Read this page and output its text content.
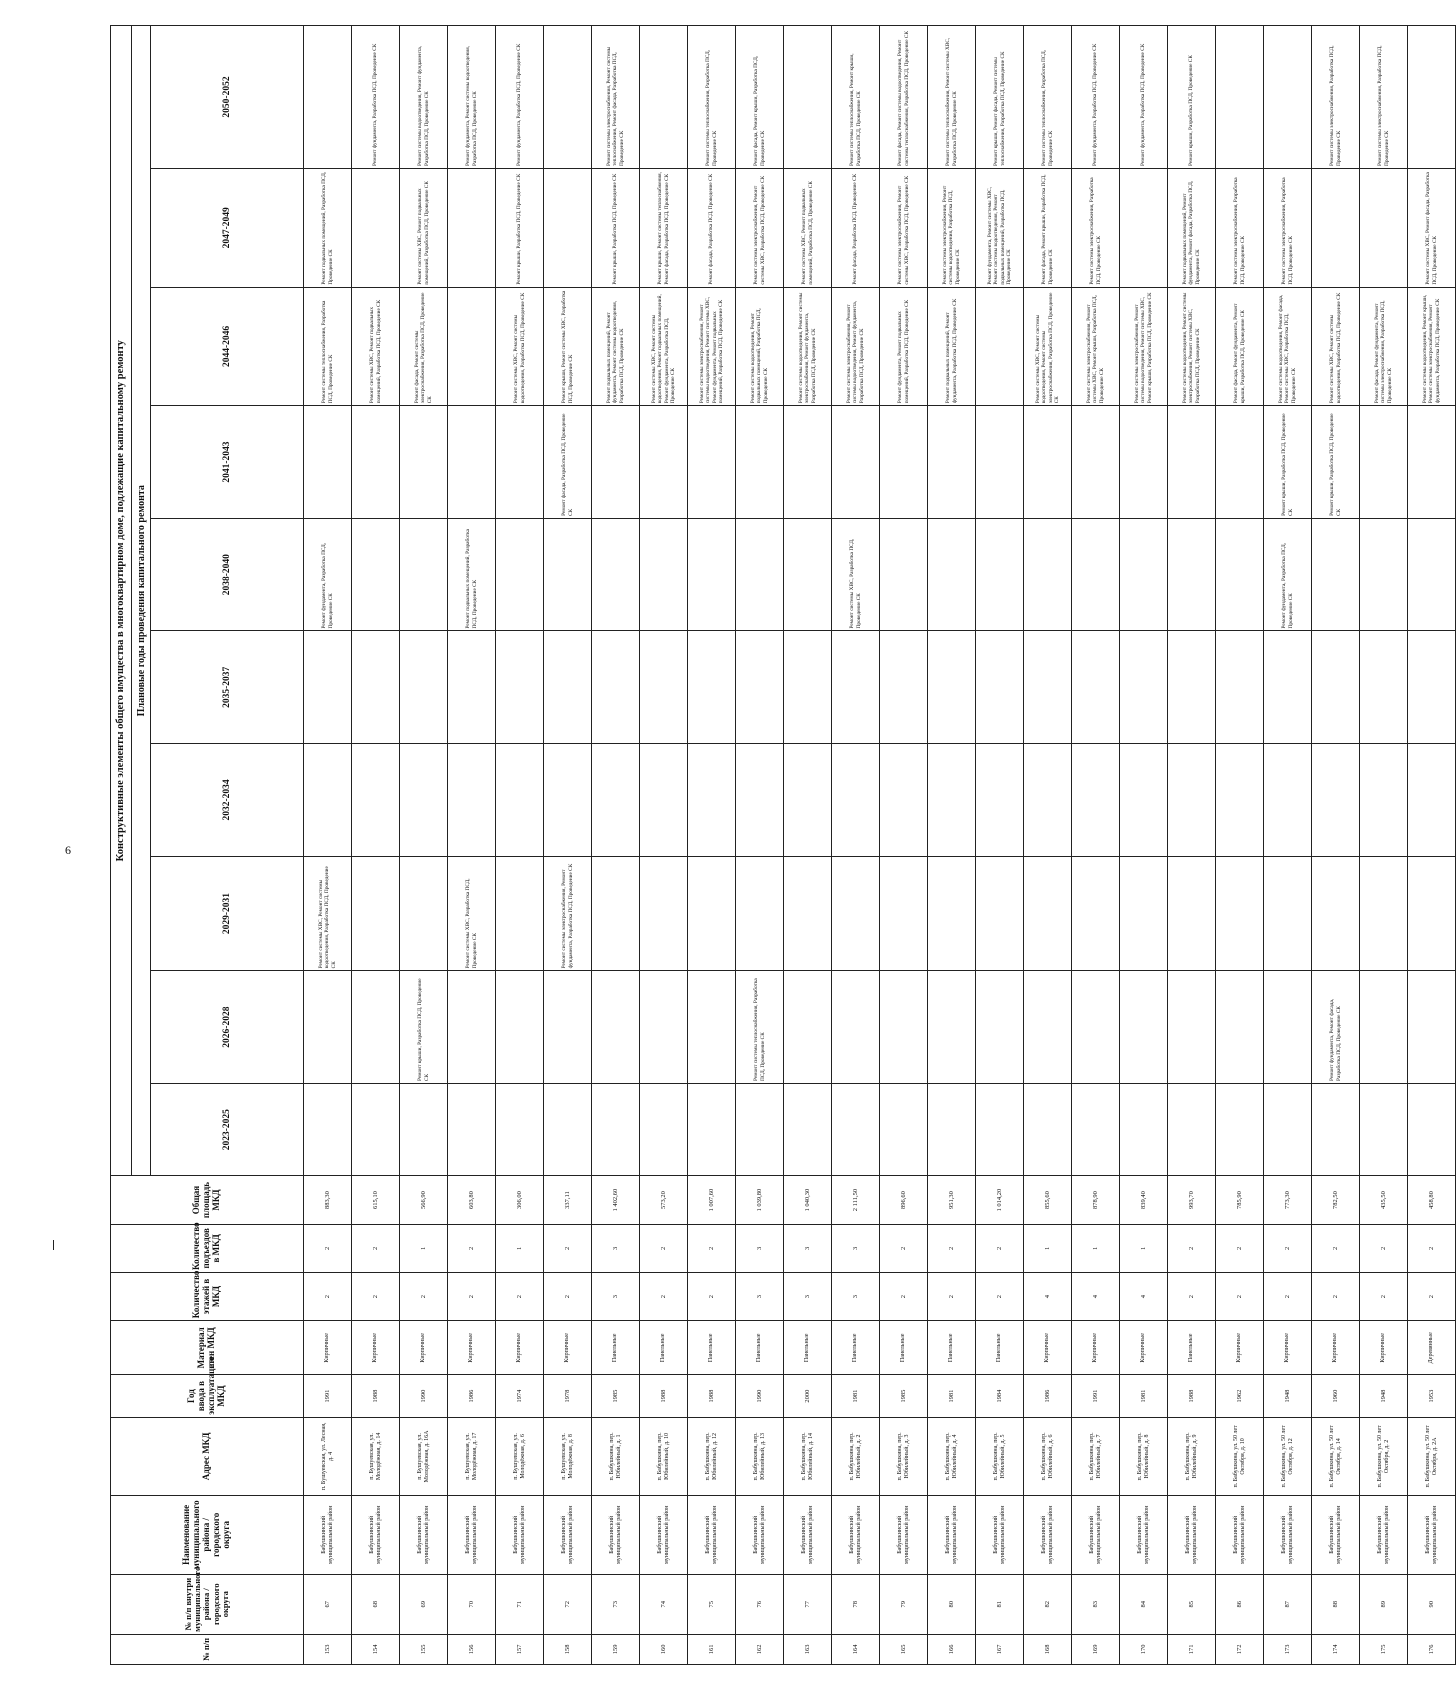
6
№ п/п	№ п/п внутри муниципального района / городского округа	Наименование муниципального района / городского округа	Адрес МКД	Год ввода в эксплуатацию МКД	Материал стен МКД	Количество этажей в МКД	Количество подъездов в МКД	Общая площадь МКД	Конструктивные элементы общего имущества в многоквартирном доме, подлежащие капитальному ремонту									
									Плановые годы проведения капитального ремонта									
									2023-2025	2026-2028	2029-2031	2032-2034	2035-2037	2038-2040	2041-2043	2044-2046	2047-2049	2050-2052
153	67	Бабушкинский муниципальный район	п. Бушуевская, ул. Лесная, д. 4	1991	Кирпичные	2	2	883,30			Ремонт системы ХВС, Ремонт системы водоотведения, Разработка ПСД, Проведение СК			Ремонт фундамента, Разработка ПСД, Проведение СК		Ремонт системы теплоснабжения, Разработка ПСД, Проведение СК	Ремонт подвальных помещений, Разработка ПСД, Проведение СК	
154	68	Бабушкинский муниципальный район	п. Бушуевская, ул. Молодёжная, д. 14	1988	Кирпичные	2	2	615,10								Ремонт системы ХВС, Ремонт подвальных помещений, Разработка ПСД, Проведение СК		Ремонт фундамента, Разработка ПСД, Проведение СК
155	69	Бабушкинский муниципальный район	п. Бушуевская, ул. Молодёжная, д. 16А	1990	Кирпичные	2	1	566,90		Ремонт крыши, Разработка ПСД, Проведение СК						Ремонт фасада, Ремонт системы электроснабжения, Разработка ПСД, Проведение СК	Ремонт системы ХВС, Ремонт подвальных помещений, Разработка ПСД, Проведение СК	Ремонт системы водоотведения, Ремонт фундамента, Разработка ПСД, Проведение СК
156	70	Бабушкинский муниципальный район	п. Бушуевская, ул. Молодёжная, д. 17	1986	Кирпичные	2	2	603,80			Ремонт системы ХВС, Разработка ПСД, Проведение СК			Ремонт подвальных помещений, Разработка ПСД, Проведение СК				Ремонт фундамента, Ремонт системы водоотведения, Разработка ПСД, Проведение СК
157	71	Бабушкинский муниципальный район	п. Бушуевская, ул. Молодёжная, д. 6	1974	Кирпичные	2	1	306,00								Ремонт системы ХВС, Ремонт системы водоотведения, Разработка ПСД, Проведение СК	Ремонт крыши, Разработка ПСД, Проведение СК	Ремонт фундамента, Разработка ПСД, Проведение СК
158	72	Бабушкинский муниципальный район	п. Бушуевская, ул. Молодёжная, д. 8	1978	Кирпичные	2	2	337,11			Ремонт системы электроснабжения, Ремонт фундамента, Разработка ПСД, Проведение СК				Ремонт фасада, Разработка ПСД, Проведение СК	Ремонт крыши, Ремонт системы ХВС, Разработка ПСД, Проведение СК		
159	73	Бабушкинский муниципальный район	п. Бабушкина, пер. Юбилейный, д. 1	1985	Панельные	3	3	1 402,60								Ремонт подвальных помещений, Ремонт фундамента, Ремонт системы водоотведения, Разработка ПСД, Проведение СК	Ремонт крыши, Разработка ПСД, Проведение СК	Ремонт системы электроснабжения, Ремонт системы теплоснабжения, Ремонт фасада, Разработка ПСД, Проведение СК
160	74	Бабушкинский муниципальный район	п. Бабушкина, пер. Юбилейный, д. 10	1988	Панельные	2	2	573,20								Ремонт системы ХВС, Ремонт системы водоотведения, Ремонт подвальных помещений, Ремонт фундамента, Разработка ПСД, Проведение СК	Ремонт крыши, Ремонт системы теплоснабжения, Ремонт фасада, Разработка ПСД, Проведение СК	
161	75	Бабушкинский муниципальный район	п. Бабушкина, пер. Юбилейный, д. 12	1988	Панельные	2	2	1 007,60								Ремонт системы электроснабжения, Ремонт системы водоотведения, Ремонт системы ХВС, Ремонт фундамента, Ремонт подвальных помещений, Разработка ПСД, Проведение СК	Ремонт фасада, Разработка ПСД, Проведение СК	Ремонт системы теплоснабжения, Разработка ПСД, Проведение СК
162	76	Бабушкинский муниципальный район	п. Бабушкина, пер. Юбилейный, д. 13	1990	Панельные	3	3	1 039,80		Ремонт системы теплоснабжения, Разработка ПСД, Проведение СК						Ремонт системы водоотведения, Ремонт подвальных помещений, Разработка ПСД, Проведение СК	Ремонт системы электроснабжения, Ремонт системы ХВС, Разработка ПСД, Проведение СК	Ремонт фасада, Ремонт крыши, Разработка ПСД, Проведение СК
163	77	Бабушкинский муниципальный район	п. Бабушкина, пер. Юбилейный, д. 14	2000	Панельные	3	3	1 040,30								Ремонт системы водоотведения, Ремонт системы электроснабжения, Ремонт фундамента, Разработка ПСД, Проведение СК	Ремонт системы ХВС, Ремонт подвальных помещений, Разработка ПСД, Проведение СК	
164	78	Бабушкинский муниципальный район	п. Бабушкина, пер. Юбилейный, д. 2	1981	Панельные	3	3	2 111,50						Ремонт системы ХВС, Разработка ПСД, Проведение СК		Ремонт системы электроснабжения, Ремонт системы водоотведения, Ремонт фундамента, Разработка ПСД, Проведение СК	Ремонт фасада, Разработка ПСД, Проведение СК	Ремонт системы теплоснабжения, Ремонт крыши, Разработка ПСД, Проведение СК
165	79	Бабушкинский муниципальный район	п. Бабушкина, пер. Юбилейный, д. 3	1985	Панельные	2	2	896,60								Ремонт фундамента, Ремонт подвальных помещений, Разработка ПСД, Проведение СК	Ремонт системы электроснабжения, Ремонт системы ХВС, Разработка ПСД, Проведение СК	Ремонт фасада, Ремонт системы водоотведения, Ремонт системы теплоснабжения, Разработка ПСД, Проведение СК
166	80	Бабушкинский муниципальный район	п. Бабушкина, пер. Юбилейный, д. 4	1981	Панельные	2	2	951,30								Ремонт подвальных помещений, Ремонт фундамента, Разработка ПСД, Проведение СК	Ремонт системы электроснабжения, Ремонт системы водоотведения, Разработка ПСД, Проведение СК	Ремонт системы теплоснабжения, Ремонт системы ХВС, Разработка ПСД, Проведение СК
167	81	Бабушкинский муниципальный район	п. Бабушкина, пер. Юбилейный, д. 5	1984	Панельные	2	2	1 014,20									Ремонт фундамента, Ремонт системы ХВС, Ремонт системы водоотведения, Ремонт подвальных помещений, Разработка ПСД, Проведение СК	Ремонт крыши, Ремонт фасада, Ремонт системы теплоснабжения, Разработка ПСД, Проведение СК
168	82	Бабушкинский муниципальный район	п. Бабушкина, пер. Юбилейный, д. 6	1986	Кирпичные	4	1	855,60								Ремонт системы ХВС, Ремонт системы водоотведения, Ремонт системы электроснабжения, Разработка ПСД, Проведение СК	Ремонт фасада, Ремонт крыши, Разработка ПСД, Проведение СК	Ремонт системы теплоснабжения, Разработка ПСД, Проведение СК
169	83	Бабушкинский муниципальный район	п. Бабушкина, пер. Юбилейный, д. 7	1991	Кирпичные	4	1	878,90								Ремонт системы электроснабжения, Ремонт системы ХВС, Ремонт крыши, Разработка ПСД, Проведение СК	Ремонт системы электроснабжения, Разработка ПСД, Проведение СК	Ремонт фундамента, Разработка ПСД, Проведение СК
170	84	Бабушкинский муниципальный район	п. Бабушкина, пер. Юбилейный, д. 8	1981	Кирпичные	4	1	839,40								Ремонт системы электроснабжения, Ремонт системы водоотведения, Ремонт системы ХВС, Ремонт крыши, Разработка ПСД, Проведение СК		Ремонт фундамента, Разработка ПСД, Проведение СК
171	85	Бабушкинский муниципальный район	п. Бабушкина, пер. Юбилейный, д. 9	1988	Панельные	2	2	993,70								Ремонт системы водоотведения, Ремонт системы электроснабжения, Ремонт системы ХВС, Разработка ПСД, Проведение СК	Ремонт подвальных помещений, Ремонт фундамента, Ремонт фасада, Разработка ПСД, Проведение СК	Ремонт крыши, Разработка ПСД, Проведение СК
172	86	Бабушкинский муниципальный район	п. Бабушкина, ул. 50 лет Октября, д. 10	1962	Кирпичные	2	2	785,90								Ремонт фасада, Ремонт фундамента, Ремонт крыши, Разработка ПСД, Проведение СК	Ремонт системы электроснабжения, Разработка ПСД, Проведение СК	
173	87	Бабушкинский муниципальный район	п. Бабушкина, ул. 50 лет Октября, д. 12	1948	Кирпичные	2	2	773,30						Ремонт фундамента, Разработка ПСД, Проведение СК	Ремонт крыши, Разработка ПСД, Проведение СК	Ремонт системы водоотведения, Ремонт фасада, Ремонт системы ХВС, Разработка ПСД, Проведение СК	Ремонт системы электроснабжения, Разработка ПСД, Проведение СК	
174	88	Бабушкинский муниципальный район	п. Бабушкина, ул. 50 лет Октября, д. 14	1960	Кирпичные	2	2	782,50		Ремонт фундамента, Ремонт фасада, Разработка ПСД, Проведение СК					Ремонт крыши, Разработка ПСД, Проведение СК	Ремонт системы ХВС, Ремонт системы водоотведения, Разработка ПСД, Проведение СК		Ремонт системы электроснабжения, Разработка ПСД, Проведение СК
175	89	Бабушкинский муниципальный район	п. Бабушкина, ул. 50 лет Октября, д. 2	1948	Кирпичные	2	2	435,50								Ремонт фасада, Ремонт фундамента, Ремонт системы электроснабжения, Разработка ПСД, Проведение СК		Ремонт системы электроснабжения, Разработка ПСД, Проведение СК
176	90	Бабушкинский муниципальный район	п. Бабушкина, ул. 50 лет Октября, д. 2А	1953	Деревянные	2	2	458,80								Ремонт системы водоотведения, Ремонт крыши, Ремонт системы электроснабжения, Ремонт фундамента, Разработка ПСД, Проведение СК	Ремонт системы ХВС, Ремонт фасада, Разработка ПСД, Проведение СК	
